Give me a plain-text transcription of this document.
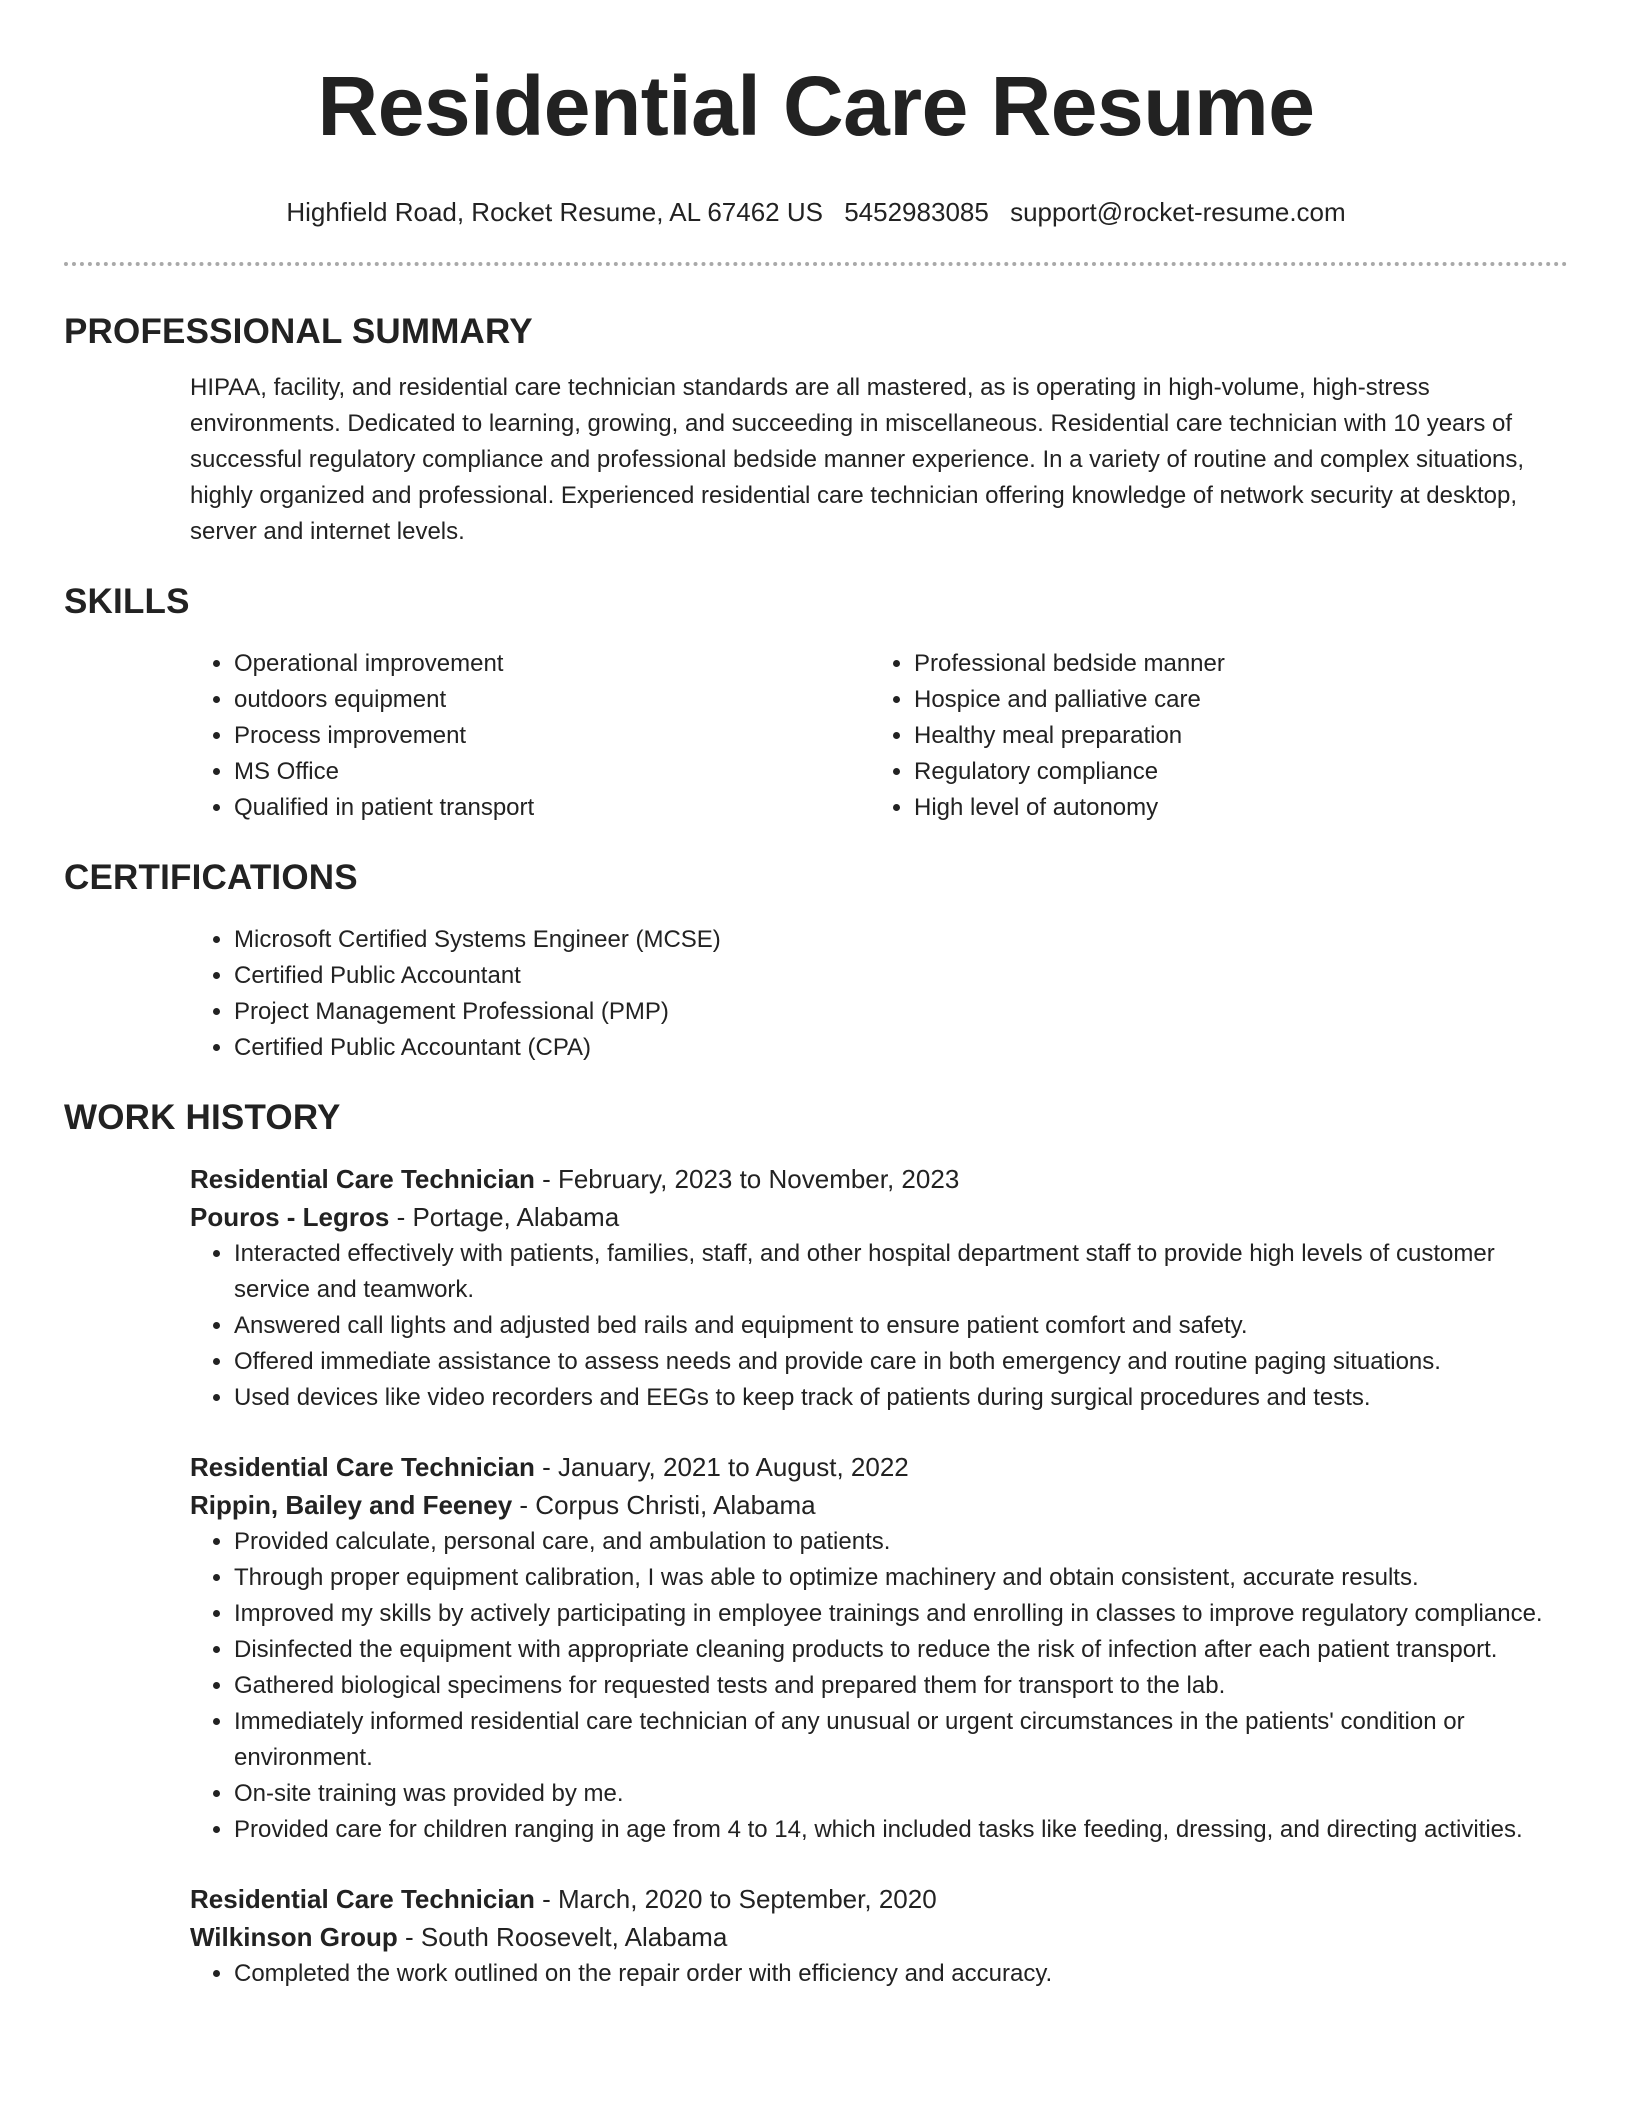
Residential Care Resume
Highfield Road, Rocket Resume, AL 67462 US 5452983085 support@rocket-resume.com
PROFESSIONAL SUMMARY
HIPAA, facility, and residential care technician standards are all mastered, as is operating in high-volume, high-stress environments. Dedicated to learning, growing, and succeeding in miscellaneous. Residential care technician with 10 years of successful regulatory compliance and professional bedside manner experience. In a variety of routine and complex situations, highly organized and professional. Experienced residential care technician offering knowledge of network security at desktop, server and internet levels.
SKILLS
• Operational improvement
• outdoors equipment
• Process improvement
• MS Office
• Qualified in patient transport
• Professional bedside manner
• Hospice and palliative care
• Healthy meal preparation
• Regulatory compliance
• High level of autonomy
CERTIFICATIONS
• Microsoft Certified Systems Engineer (MCSE)
• Certified Public Accountant
• Project Management Professional (PMP)
• Certified Public Accountant (CPA)
WORK HISTORY
Residential Care Technician - February, 2023 to November, 2023
Pouros - Legros - Portage, Alabama
• Interacted effectively with patients, families, staff, and other hospital department staff to provide high levels of customer service and teamwork.
• Answered call lights and adjusted bed rails and equipment to ensure patient comfort and safety.
• Offered immediate assistance to assess needs and provide care in both emergency and routine paging situations.
• Used devices like video recorders and EEGs to keep track of patients during surgical procedures and tests.
Residential Care Technician - January, 2021 to August, 2022
Rippin, Bailey and Feeney - Corpus Christi, Alabama
• Provided calculate, personal care, and ambulation to patients.
• Through proper equipment calibration, I was able to optimize machinery and obtain consistent, accurate results.
• Improved my skills by actively participating in employee trainings and enrolling in classes to improve regulatory compliance.
• Disinfected the equipment with appropriate cleaning products to reduce the risk of infection after each patient transport.
• Gathered biological specimens for requested tests and prepared them for transport to the lab.
• Immediately informed residential care technician of any unusual or urgent circumstances in the patients' condition or environment.
• On-site training was provided by me.
• Provided care for children ranging in age from 4 to 14, which included tasks like feeding, dressing, and directing activities.
Residential Care Technician - March, 2020 to September, 2020
Wilkinson Group - South Roosevelt, Alabama
• Completed the work outlined on the repair order with efficiency and accuracy.
